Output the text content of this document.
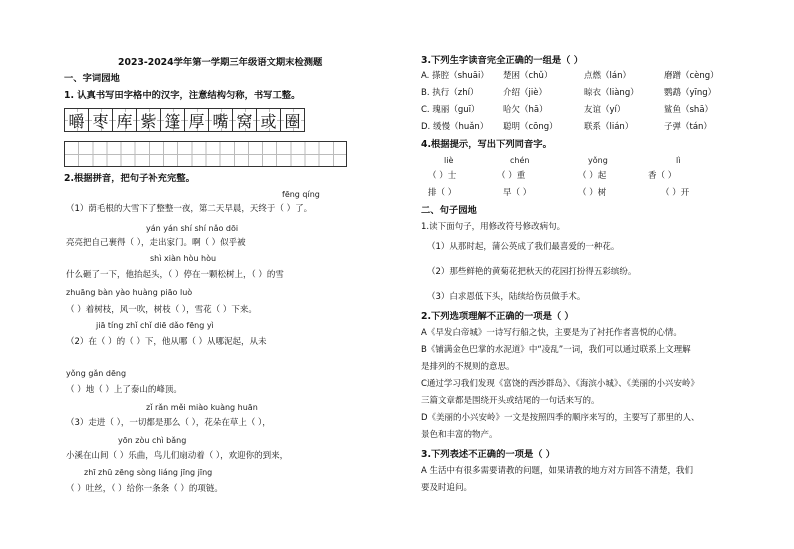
2023-2024学年第一学期三年级语文期末检测题
一、字词园地
1. 认真书写田字格中的汉字，注意结构匀称，书写工整。
嚼 枣 库 紫 篷 厚 嘴 窝 或 圈
2.根据拼音，把句子补充完整。
fēng qíng
（1）荫毛根的大雪下了整整一夜，第二天早晨，天终于（ ）了。
yán yán shí shí nǎo dōi
亮亮把自己裹得（ ），走出家门。啊（ ）似乎被
shì xiàn hòu hòu
什么砸了一下，他抬起头，（ ）停在一颗松树上，（ ）的雪
zhuāng bàn yào huàng piāo luò
（ ）着树枝，风一吹，树枝（ ），雪花（ ）下来。
jiā tíng zhǐ chǐ diē dǎo fēng yì
（2）在（ ）的（ ）下，他从哪（ ）从哪泥起，从未
yǒng gǎn dēng
（ ）地（ ）上了泰山的峰顶。
zǐ rǎn měi miào kuàng huān
（3）走进（ ），一切都是那么（ ），花朵在草上（ ），
yōn zòu chì bǎng
小溪在山间（ ）乐曲，鸟儿们扇动着（ ），欢迎你的到来，
zhī zhū zēng sòng liáng jīng jīng
（ ）吐丝，（ ）给你一条条（ ）的项链。
3.下列生字读音完全正确的一组是（ ）
A. 搽腔（shuāi） 楚困（chǔ）	点燃（lán）	磨蹭（cèng）
B. 执行（zhí）	介绍（jiè）	晾衣（liàng）	鹦鹉（yīng）
C. 瑰丽（guī）	哈欠（hā）	友谊（yí）	鲨鱼（shā）
D. 缓慢（huǎn） 聪明（cōng）	联系（lián）	子弹（tán）
4.根据提示，写出下列同音字。
liè	chén	yǒng	lì
（ ）士	（ ）重	（ ）起	香（ ）
排（ ）	早（ ）	（ ）树	（ ）开
二、句子园地
1.读下面句子，用修改符号修改病句。
（1）从那时起，蒲公英成了我们最喜爱的一种花。
（2）那些鲜艳的黄菊花把秋天的花园打扮得五彩缤纷。
（3）白求恩低下头，陆续给伤员做手术。
2.下列选项理解不正确的一项是（ ）
A《早发白帝城》一诗写行船之快，主要是为了衬托作者喜悦的心情。
B《铺满金色巴掌的水泥道》中“凌乱”一词，我们可以通过联系上文理解
是排列的不规则的意思。
C通过学习我们发现《富饶的西沙群岛》、《海滨小城》、《美丽的小兴安岭》
三篇文章都是围绕开头或结尾的一句话来写的。
D《美丽的小兴安岭》一文是按照四季的顺序来写的，主要写了那里的人、
景色和丰富的物产。
3.下列表述不正确的一项是（ ）
A 生活中有很多需要请教的问题，如果请教的地方对方回答不清楚，我们
要及时追问。
